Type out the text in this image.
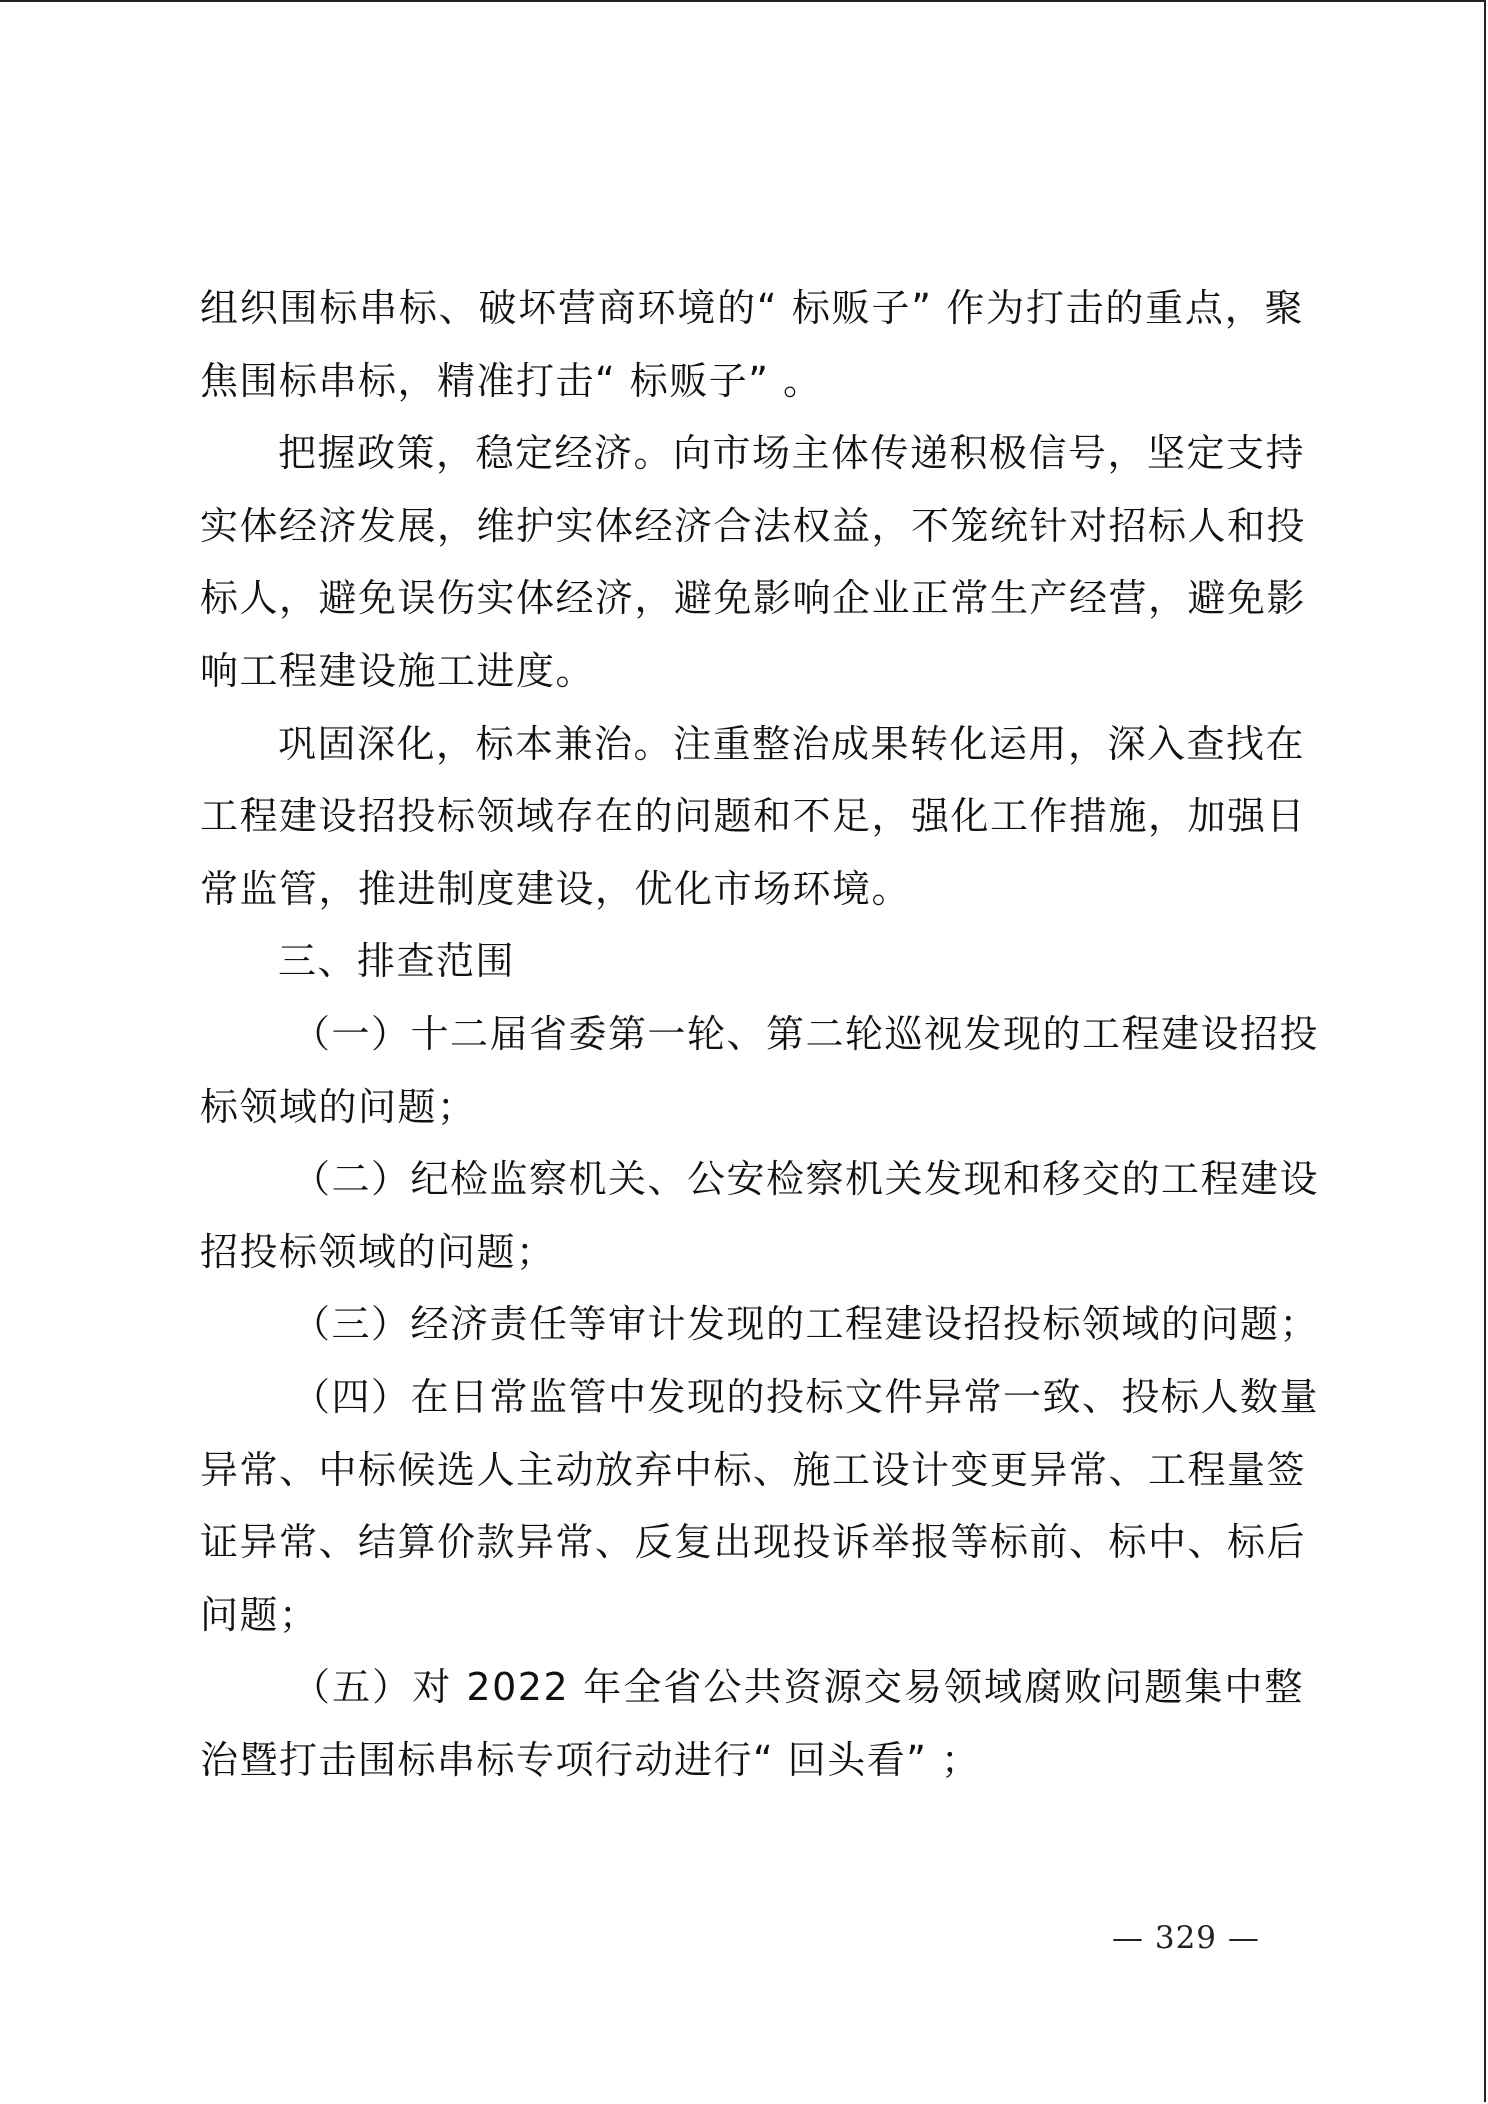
组织围标串标、破坏营商环境的“ 标贩子” 作为打击的重点，聚
焦围标串标，精准打击“ 标贩子” 。
把握政策，稳定经济。向市场主体传递积极信号，坚定支持
实体经济发展，维护实体经济合法权益，不笼统针对招标人和投
标人，避免误伤实体经济，避免影响企业正常生产经营，避免影
响工程建设施工进度。
巩固深化，标本兼治。注重整治成果转化运用，深入查找在
工程建设招投标领域存在的问题和不足，强化工作措施，加强日
常监管，推进制度建设，优化市场环境。
三、排查范围
（一）十二届省委第一轮、第二轮巡视发现的工程建设招投
标领域的问题；
（二）纪检监察机关、公安检察机关发现和移交的工程建设
招投标领域的问题；
（三）经济责任等审计发现的工程建设招投标领域的问题；
（四）在日常监管中发现的投标文件异常一致、投标人数量
异常、中标候选人主动放弃中标、施工设计变更异常、工程量签
证异常、结算价款异常、反复出现投诉举报等标前、标中、标后
问题；
（五）对 2022 年全省公共资源交易领域腐败问题集中整
治暨打击围标串标专项行动进行“ 回头看” ；
— 329 —
